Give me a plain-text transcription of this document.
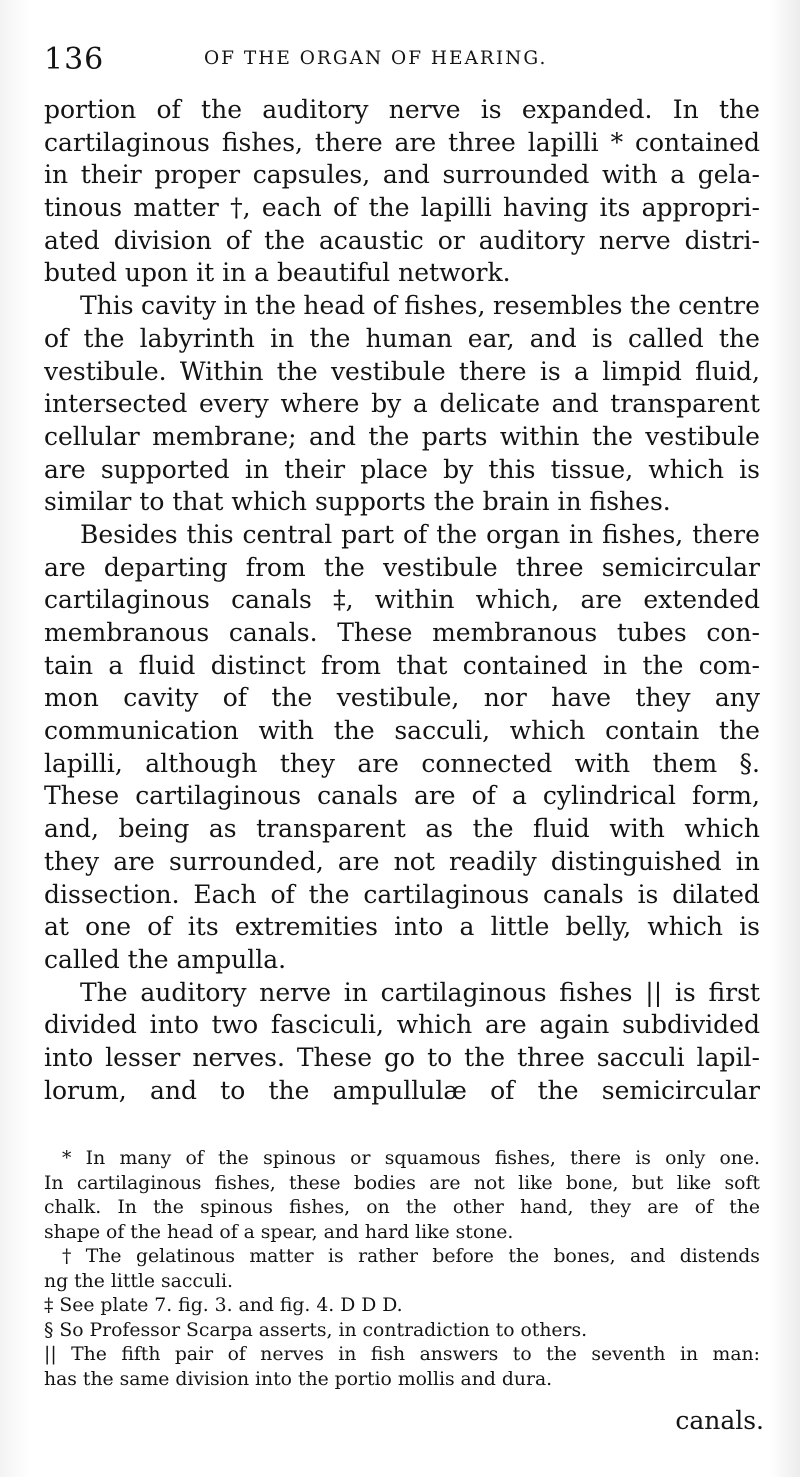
136	OF THE ORGAN OF HEARING.
portion of the auditory nerve is expanded. In the
cartilaginous fishes, there are three lapilli * contained
in their proper capsules, and surrounded with a gela-
tinous matter †, each of the lapilli having its appropri-
ated division of the acaustic or auditory nerve distri-
buted upon it in a beautiful network.
This cavity in the head of fishes, resembles the centre
of the labyrinth in the human ear, and is called the
vestibule. Within the vestibule there is a limpid fluid,
intersected every where by a delicate and transparent
cellular membrane; and the parts within the vestibule
are supported in their place by this tissue, which is
similar to that which supports the brain in fishes.
Besides this central part of the organ in fishes, there
are departing from the vestibule three semicircular
cartilaginous canals ‡, within which, are extended
membranous canals. These membranous tubes con-
tain a fluid distinct from that contained in the com-
mon cavity of the vestibule, nor have they any
communication with the sacculi, which contain the
lapilli, although they are connected with them §.
These cartilaginous canals are of a cylindrical form,
and, being as transparent as the fluid with which
they are surrounded, are not readily distinguished in
dissection. Each of the cartilaginous canals is dilated
at one of its extremities into a little belly, which is
called the ampulla.
The auditory nerve in cartilaginous fishes || is first
divided into two fasciculi, which are again subdivided
into lesser nerves. These go to the three sacculi lapil-
lorum, and to the ampullulæ of the semicircular
* In many of the spinous or squamous fishes, there is only one.
In cartilaginous fishes, these bodies are not like bone, but like soft
chalk. In the spinous fishes, on the other hand, they are of the
shape of the head of a spear, and hard like stone.
† The gelatinous matter is rather before the bones, and distends
ng the little sacculi.
‡ See plate 7. fig. 3. and fig. 4. D D D.
§ So Professor Scarpa asserts, in contradiction to others.
|| The fifth pair of nerves in fish answers to the seventh in man:
has the same division into the portio mollis and dura.
canals.
